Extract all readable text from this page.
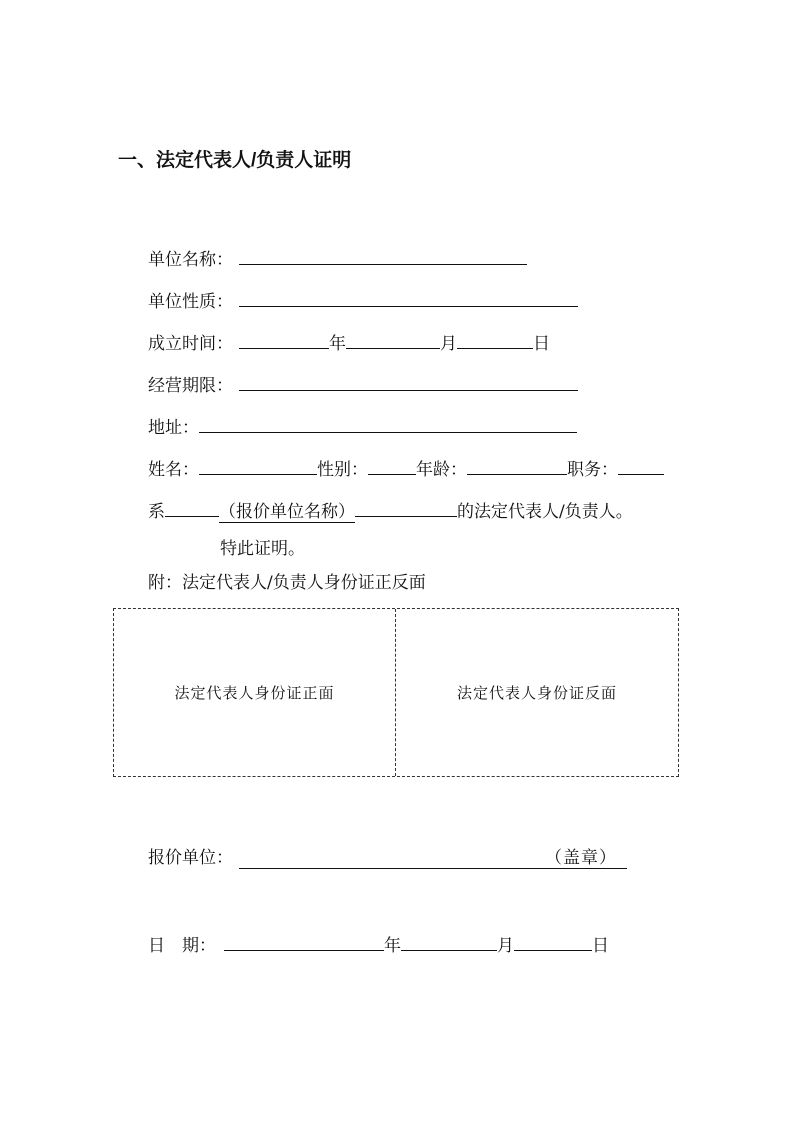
一、法定代表人/负责人证明
单位名称：
单位性质：
成立时间：	年	月	日
经营期限：
地址：
姓名：	性别：	年龄：	职务：
系	（报价单位名称）	的法定代表人/负责人。
特此证明。
附：法定代表人/负责人身份证正反面
法定代表人身份证正面	法定代表人身份证反面
报价单位：	（盖章）
日　期：	年	月	日
